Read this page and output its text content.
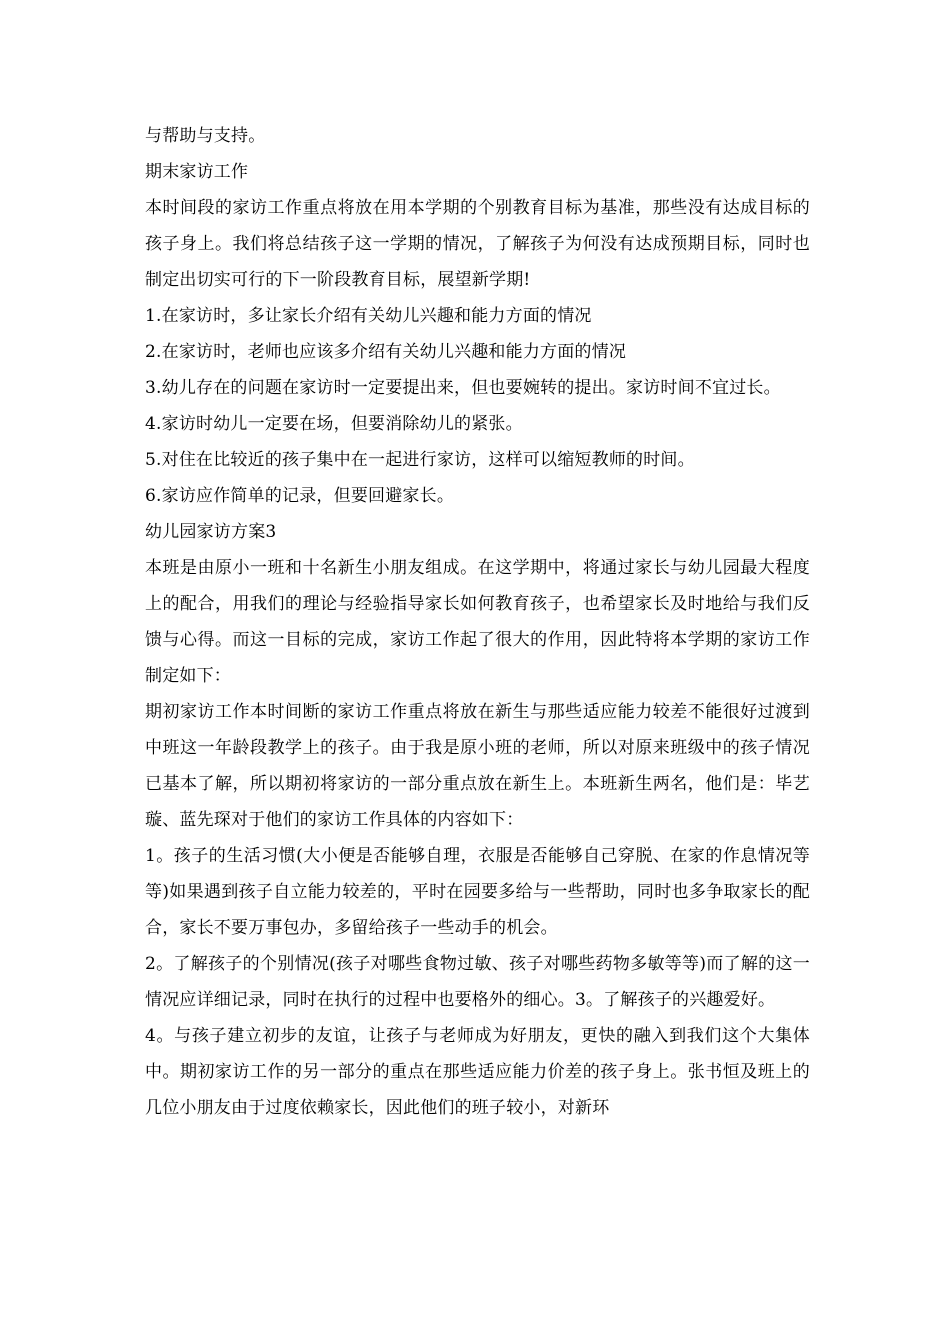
与帮助与支持。

期末家访工作

本时间段的家访工作重点将放在用本学期的个别教育目标为基准，那些没有达成目标的孩子身上。我们将总结孩子这一学期的情况，了解孩子为何没有达成预期目标，同时也制定出切实可行的下一阶段教育目标，展望新学期!

1.在家访时，多让家长介绍有关幼儿兴趣和能力方面的情况

2.在家访时，老师也应该多介绍有关幼儿兴趣和能力方面的情况

3.幼儿存在的问题在家访时一定要提出来，但也要婉转的提出。家访时间不宜过长。

4.家访时幼儿一定要在场，但要消除幼儿的紧张。

5.对住在比较近的孩子集中在一起进行家访，这样可以缩短教师的时间。

6.家访应作简单的记录，但要回避家长。

幼儿园家访方案3

本班是由原小一班和十名新生小朋友组成。在这学期中，将通过家长与幼儿园最大程度上的配合，用我们的理论与经验指导家长如何教育孩子，也希望家长及时地给与我们反馈与心得。而这一目标的完成，家访工作起了很大的作用，因此特将本学期的家访工作制定如下：

期初家访工作本时间断的家访工作重点将放在新生与那些适应能力较差不能很好过渡到中班这一年龄段教学上的孩子。由于我是原小班的老师，所以对原来班级中的孩子情况已基本了解，所以期初将家访的一部分重点放在新生上。本班新生两名，他们是：毕艺璇、蓝先琛对于他们的家访工作具体的内容如下：

1。孩子的生活习惯(大小便是否能够自理，衣服是否能够自己穿脱、在家的作息情况等等)如果遇到孩子自立能力较差的，平时在园要多给与一些帮助，同时也多争取家长的配合，家长不要万事包办，多留给孩子一些动手的机会。

2。了解孩子的个别情况(孩子对哪些食物过敏、孩子对哪些药物多敏等等)而了解的这一情况应详细记录，同时在执行的过程中也要格外的细心。3。了解孩子的兴趣爱好。

4。与孩子建立初步的友谊，让孩子与老师成为好朋友，更快的融入到我们这个大集体中。期初家访工作的另一部分的重点在那些适应能力价差的孩子身上。张书恒及班上的几位小朋友由于过度依赖家长，因此他们的班子较小，对新环
